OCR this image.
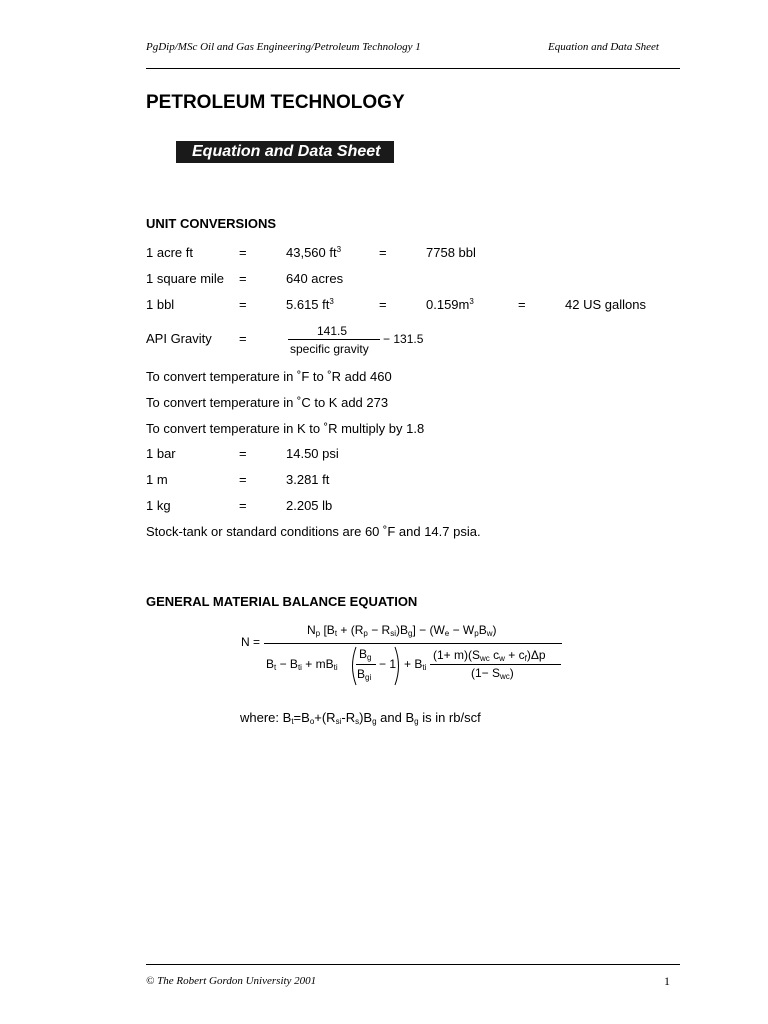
PgDip/MSc Oil and Gas Engineering/Petroleum Technology 1	Equation and Data Sheet
PETROLEUM TECHNOLOGY
Equation and Data Sheet
UNIT CONVERSIONS
1 acre ft	=	43,560 $ft^3$	=	7758 bbl
1 square mile =	640 acres
1 bbl	=	5.615 $ft^3$	=	$0.159m^3$	=	42 US gallons
API Gravity =	141.5
specific gravity
− 131.5
To convert temperature in ˚F to ˚R add 460
To convert temperature in ˚C to K add 273
To convert temperature in K to ˚R multiply by 1.8
1 bar	=	14.50 psi
1 m	=	3.281 ft
1 kg	=	2.205 lb
Stock-tank or standard conditions are 60 ˚F and 14.7 psia.
GENERAL MATERIAL BALANCE EQUATION
N =
$N_p$ $[B_t + (R_p - R_{si})B_g] - (W_e - W_pB_w)$
$B_t - B_{ti} + mB_{ti}$
$B_g$
$B_{gi}$
− $1 + B_{ti}$
$(1+ m)(S_{wc}$ $c_w + c_f)\Delta p$
$(1- S_{wc})$
where: $B_t=B_o+(R_{si}-R_s)B_g$ and $B_g$ is in rb/scf
© The Robert Gordon University 2001	1
